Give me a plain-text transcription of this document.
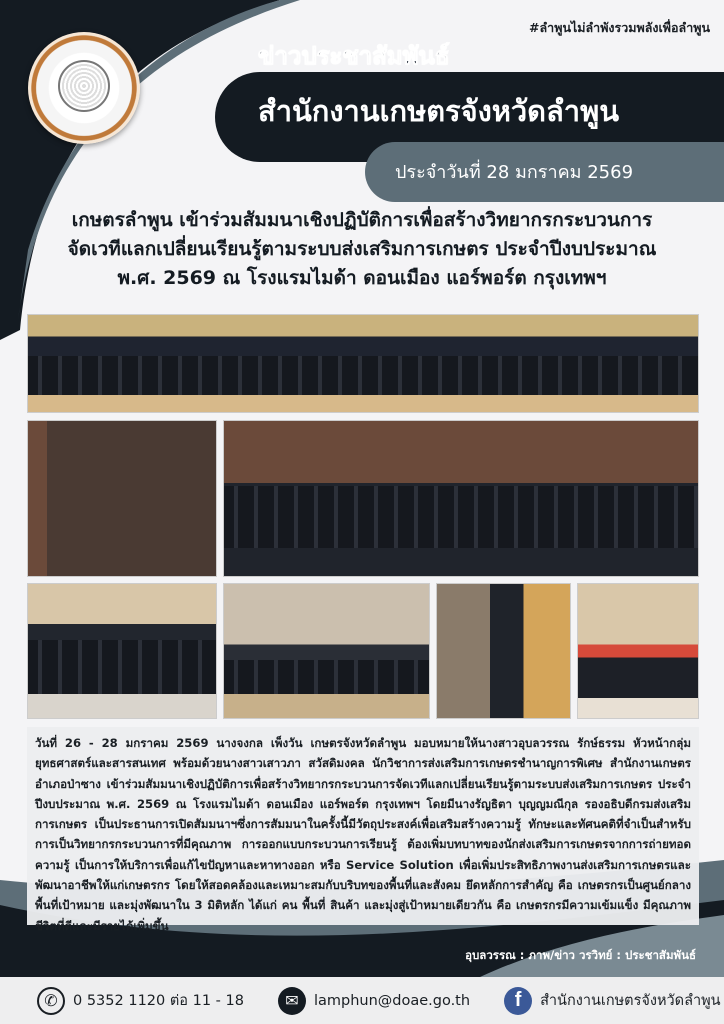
#ลำพูนไม่ลำพังรวมพลังเพื่อลำพูน
ข่าวประชาสัมพันธ์
สำนักงานเกษตรจังหวัดลำพูน
ประจำวันที่ 28 มกราคม 2569
เกษตรลำพูน เข้าร่วมสัมมนาเชิงปฏิบัติการเพื่อสร้างวิทยากรกระบวนการ
จัดเวทีแลกเปลี่ยนเรียนรู้ตามระบบส่งเสริมการเกษตร ประจำปีงบประมาณ
พ.ศ. 2569 ณ โรงแรมไมด้า ดอนเมือง แอร์พอร์ต กรุงเทพฯ

วันที่ 26 - 28 มกราคม 2569 นางจงกล เพ็งวัน เกษตรจังหวัดลำพูน มอบหมายให้นางสาวอุบลวรรณ รักษ์ธรรม หัวหน้ากลุ่มยุทธศาสตร์และสารสนเทศ พร้อมด้วยนางสาวเสาวภา สวัสดิมงคล นักวิชาการส่งเสริมการเกษตรชำนาญการพิเศษ สำนักงานเกษตรอำเภอป่าซาง เข้าร่วมสัมมนาเชิงปฏิบัติการเพื่อสร้างวิทยากรกระบวนการจัดเวทีแลกเปลี่ยนเรียนรู้ตามระบบส่งเสริมการเกษตร ประจำปีงบประมาณ พ.ศ. 2569 ณ โรงแรมไมด้า ดอนเมือง แอร์พอร์ต กรุงเทพฯ โดยมีนางรัญธิตา บุญญมณีกุล รองอธิบดีกรมส่งเสริมการเกษตร เป็นประธานการเปิดสัมมนาฯซึ่งการสัมมนาในครั้งนี้มีวัตถุประสงค์เพื่อเสริมสร้างความรู้ ทักษะและทัศนคติที่จำเป็นสำหรับการเป็นวิทยากรกระบวนการที่มีคุณภาพ การออกแบบกระบวนการเรียนรู้ ต้องเพิ่มบทบาทของนักส่งเสริมการเกษตรจากการถ่ายทอดความรู้ เป็นการให้บริการเพื่อแก้ไขปัญหาและหาทางออก หรือ Service Solution เพื่อเพิ่มประสิทธิภาพงานส่งเสริมการเกษตรและพัฒนาอาชีพให้แก่เกษตรกร โดยให้สอดคล้องและเหมาะสมกับบริบทของพื้นที่และสังคม ยึดหลักการสำคัญ คือ เกษตรกรเป็นศูนย์กลาง พื้นที่เป้าหมาย และมุ่งพัฒนาใน 3 มิติหลัก ได้แก่ คน พื้นที่ สินค้า และมุ่งสู่เป้าหมายเดียวกัน คือ เกษตรกรมีความเข้มแข็ง มีคุณภาพชีวิตที่ดีและมีรายได้เพิ่มขึ้น

อุบลวรรณ : ภาพ/ข่าว วรวิทย์ : ประชาสัมพันธ์
✆	0 5352 1120 ต่อ 11 - 18	✉	lamphun@doae.go.th	f	สำนักงานเกษตรจังหวัดลำพูน
